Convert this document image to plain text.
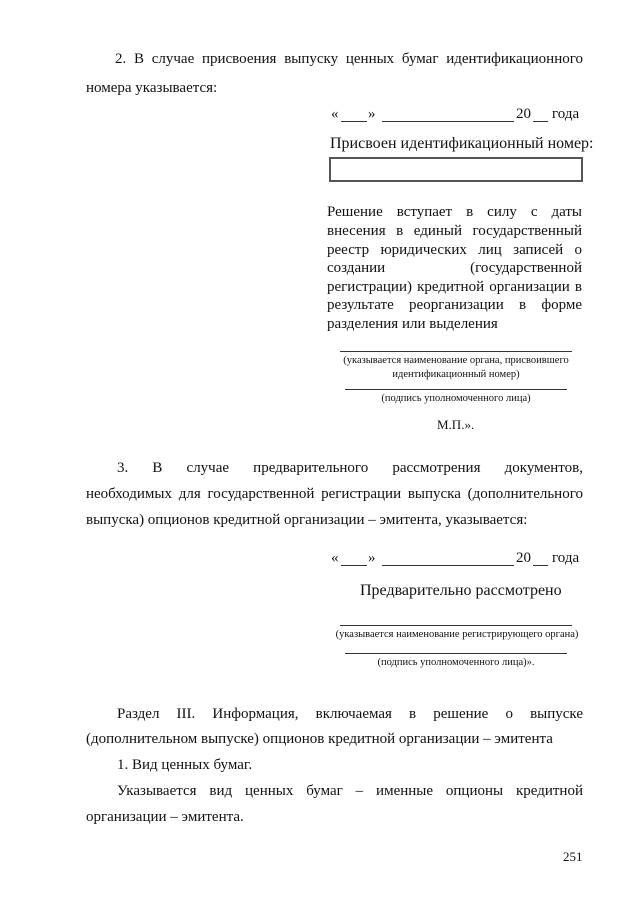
2. В случае присвоения выпуску ценных бумаг идентификационного
номера указывается:
« »	20 года
Присвоен идентификационный номер:
Решение вступает в силу с даты
внесения в единый государственный
реестр юридических лиц записей о
создании (государственной
регистрации) кредитной организации в
результате реорганизации в форме
разделения или выделения
(указывается наименование органа, присвоившего
идентификационный номер)
(подпись уполномоченного лица)
М.П.».
3. В случае предварительного рассмотрения документов,
необходимых для государственной регистрации выпуска (дополнительного
выпуска) опционов кредитной организации – эмитента, указывается:
« »	20 года
Предварительно рассмотрено
(указывается наименование регистрирующего органа)
(подпись уполномоченного лица)».
Раздел III. Информация, включаемая в решение о выпуске
(дополнительном выпуске) опционов кредитной организации – эмитента
1. Вид ценных бумаг.
Указывается вид ценных бумаг – именные опционы кредитной
организации – эмитента.
251
